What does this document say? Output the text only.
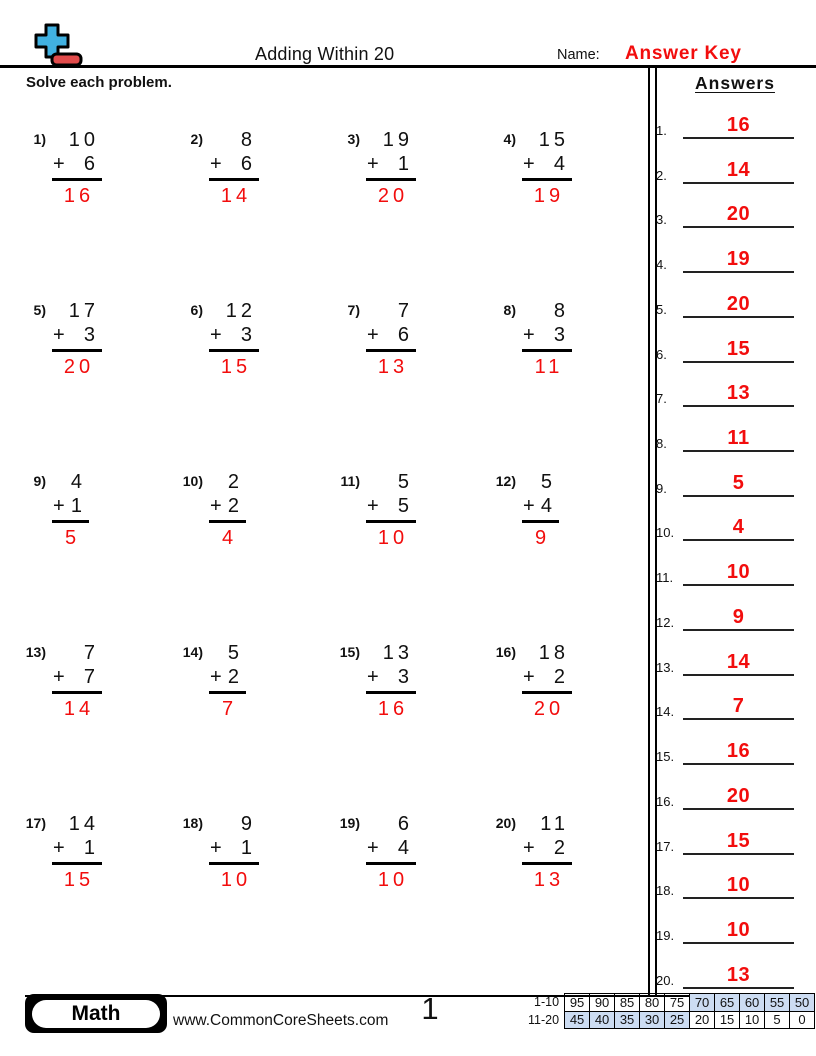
Adding Within 20	Name: Answer Key
Solve each problem.
1)	10
+ 6
16
2)	8
+ 6
14
3)	19
+ 1
20
4)	15
+ 4
19
5)	17
+ 3
20
6)	12
+ 3
15
7)	7
+ 6
13
8)	8
+ 3
11
9)	4
+ 1
5
10)	2
+ 2
4
11)	5
+ 5
10
12)	5
+ 4
9
13)	7
+ 7
14
14)	5
+ 2
7
15)	13
+ 3
16
16)	18
+ 2
20
17)	14
+ 1
15
18)	9
+ 1
10
19)	6
+ 4
10
20)	11
+ 2
13
Answers
1.	16
2.	14
3.	20
4.	19
5.	20
6.	15
7.	13
8.	11
9.	5
10.	4
11.	10
12.	9
13.	14
14.	7
15.	16
16.	20
17.	15
18.	10
19.	10
20.	13
Math	www.CommonCoreSheets.com	1	1-10	95	90	85	80	75	70	65	60	55	50
11-20	45	40	35	30	25	20	15	10	5	0
